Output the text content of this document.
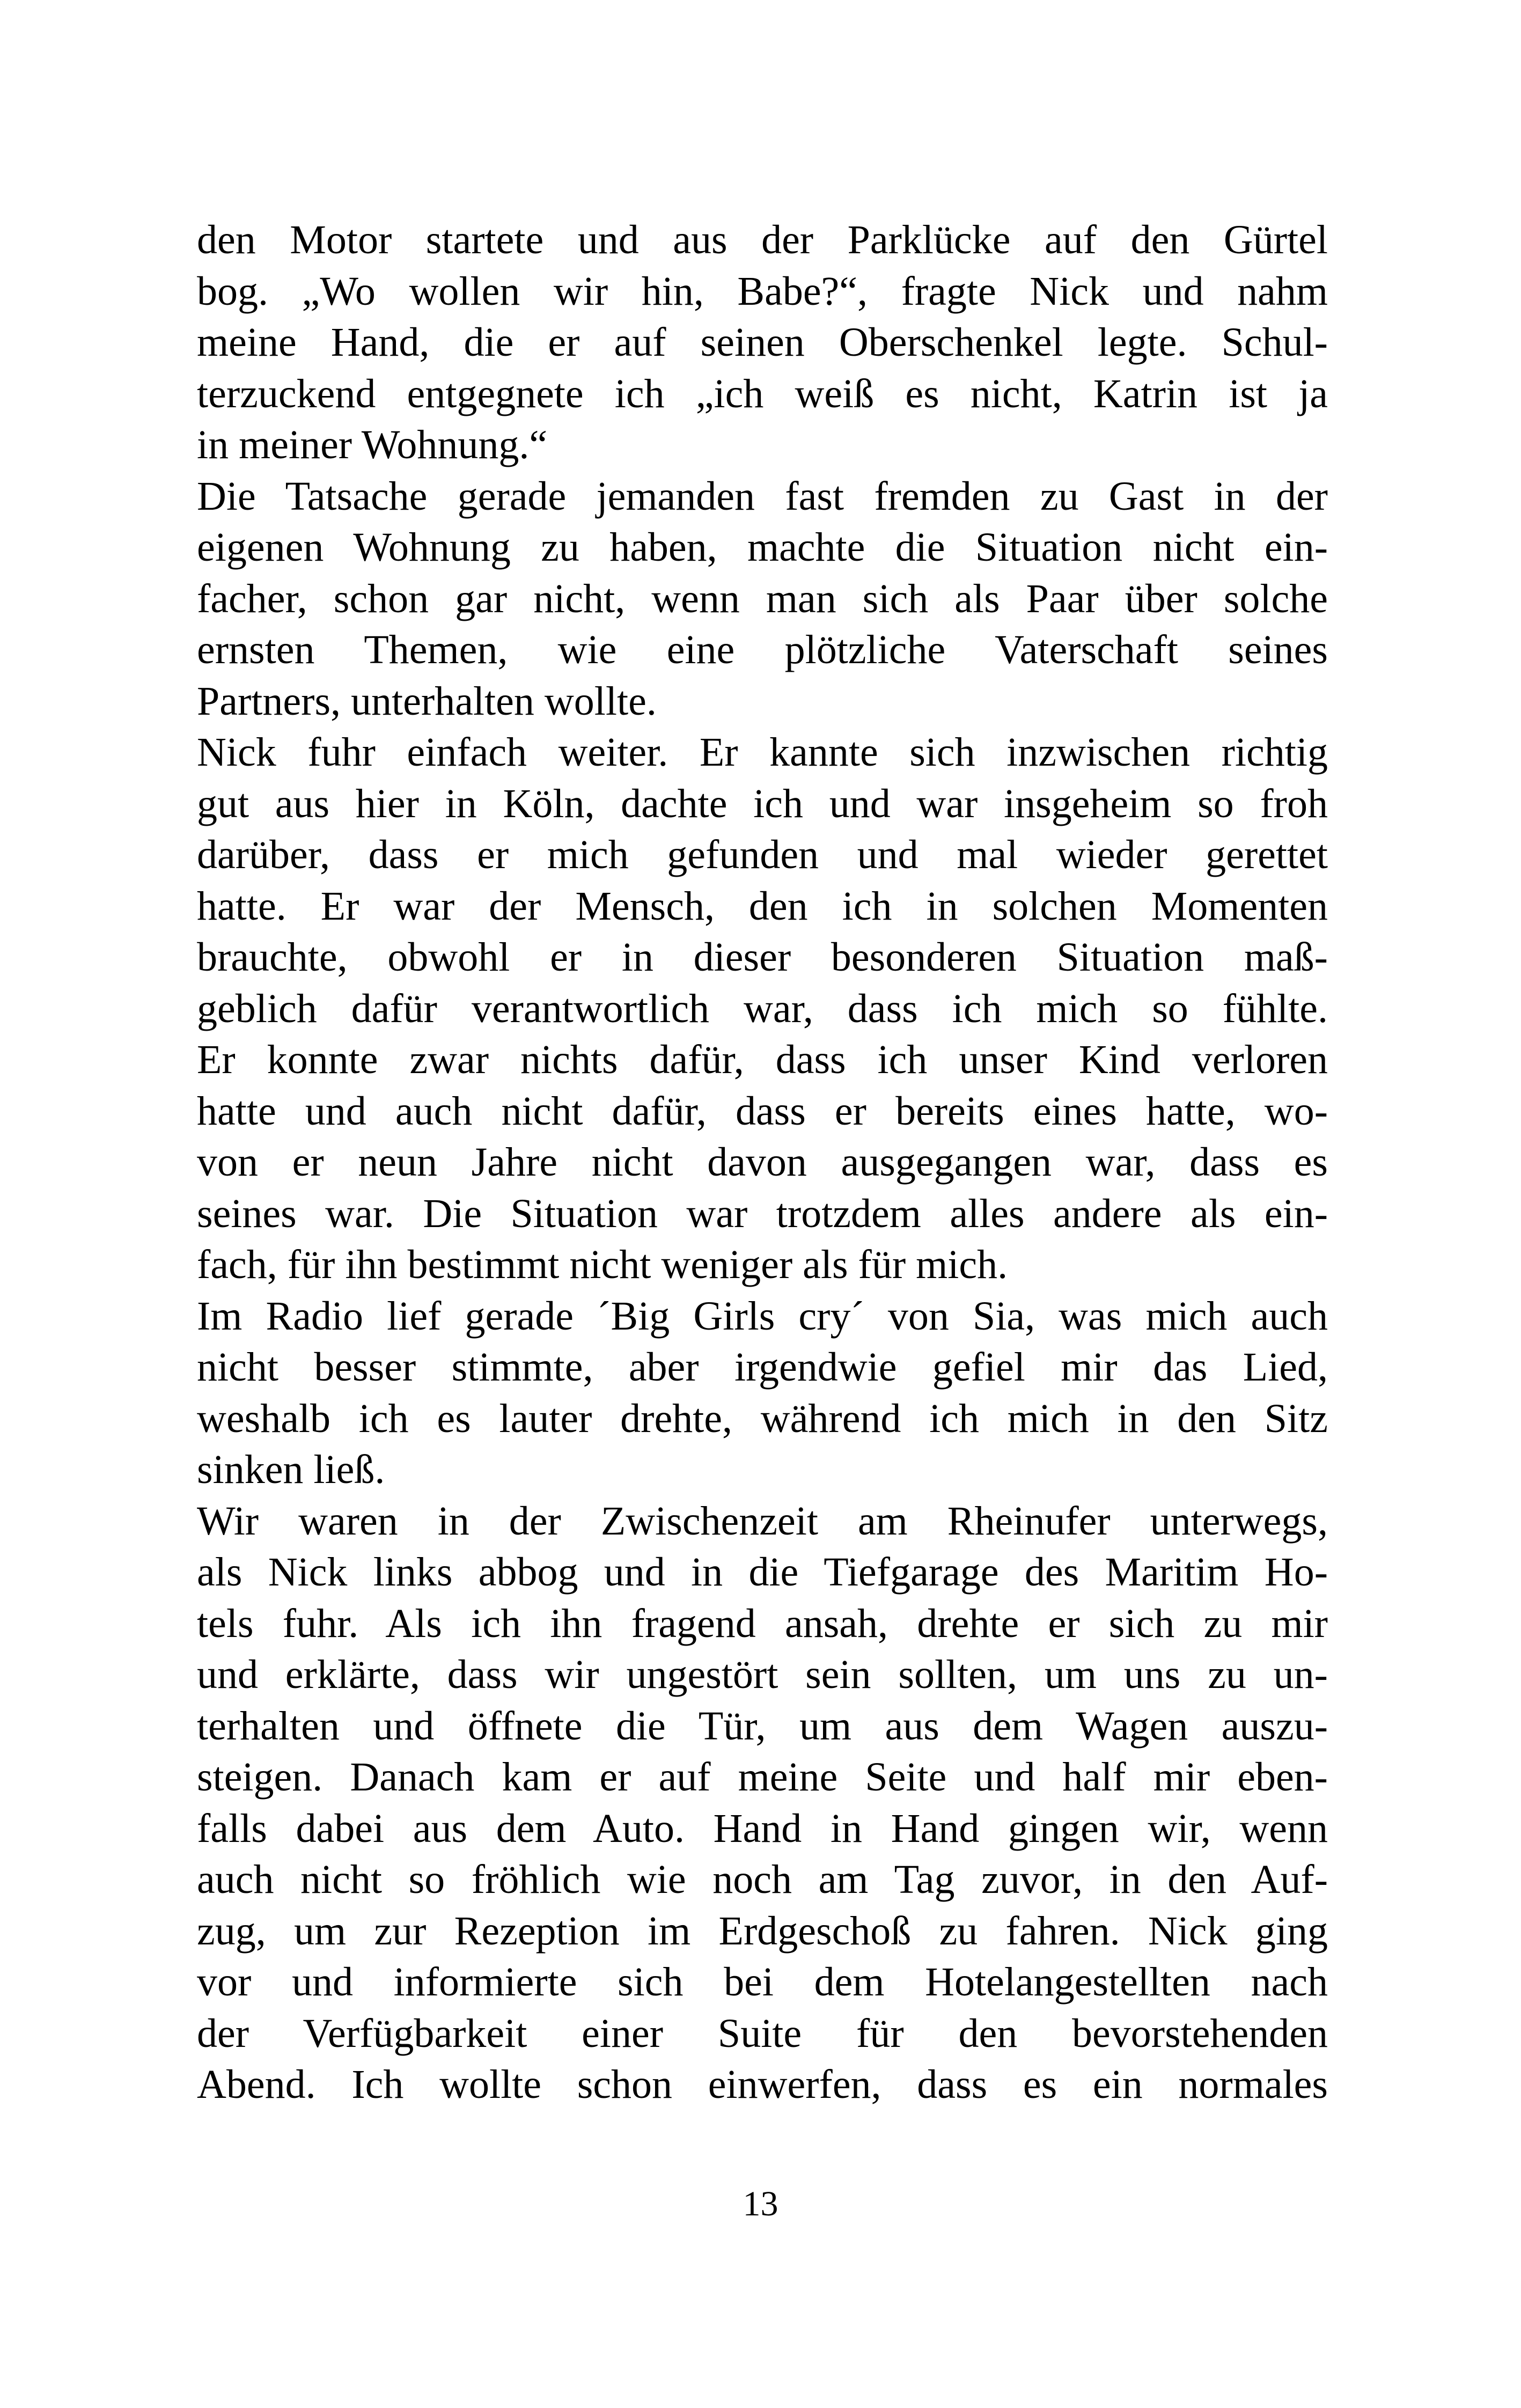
den Motor startete und aus der Parklücke auf den Gürtel
bog. „Wo wollen wir hin, Babe?“, fragte Nick und nahm
meine Hand, die er auf seinen Oberschenkel legte. Schul-
terzuckend entgegnete ich „ich weiß es nicht, Katrin ist ja
in meiner Wohnung.“
Die Tatsache gerade jemanden fast fremden zu Gast in der
eigenen Wohnung zu haben, machte die Situation nicht ein-
facher, schon gar nicht, wenn man sich als Paar über solche
ernsten Themen, wie eine plötzliche Vaterschaft seines
Partners, unterhalten wollte.
Nick fuhr einfach weiter. Er kannte sich inzwischen richtig
gut aus hier in Köln, dachte ich und war insgeheim so froh
darüber, dass er mich gefunden und mal wieder gerettet
hatte. Er war der Mensch, den ich in solchen Momenten
brauchte, obwohl er in dieser besonderen Situation maß-
geblich dafür verantwortlich war, dass ich mich so fühlte.
Er konnte zwar nichts dafür, dass ich unser Kind verloren
hatte und auch nicht dafür, dass er bereits eines hatte, wo-
von er neun Jahre nicht davon ausgegangen war, dass es
seines war. Die Situation war trotzdem alles andere als ein-
fach, für ihn bestimmt nicht weniger als für mich.
Im Radio lief gerade ´Big Girls cry´ von Sia, was mich auch
nicht besser stimmte, aber irgendwie gefiel mir das Lied,
weshalb ich es lauter drehte, während ich mich in den Sitz
sinken ließ.
Wir waren in der Zwischenzeit am Rheinufer unterwegs,
als Nick links abbog und in die Tiefgarage des Maritim Ho-
tels fuhr. Als ich ihn fragend ansah, drehte er sich zu mir
und erklärte, dass wir ungestört sein sollten, um uns zu un-
terhalten und öffnete die Tür, um aus dem Wagen auszu-
steigen. Danach kam er auf meine Seite und half mir eben-
falls dabei aus dem Auto. Hand in Hand gingen wir, wenn
auch nicht so fröhlich wie noch am Tag zuvor, in den Auf-
zug, um zur Rezeption im Erdgeschoß zu fahren. Nick ging
vor und informierte sich bei dem Hotelangestellten nach
der Verfügbarkeit einer Suite für den bevorstehenden
Abend. Ich wollte schon einwerfen, dass es ein normales
13
